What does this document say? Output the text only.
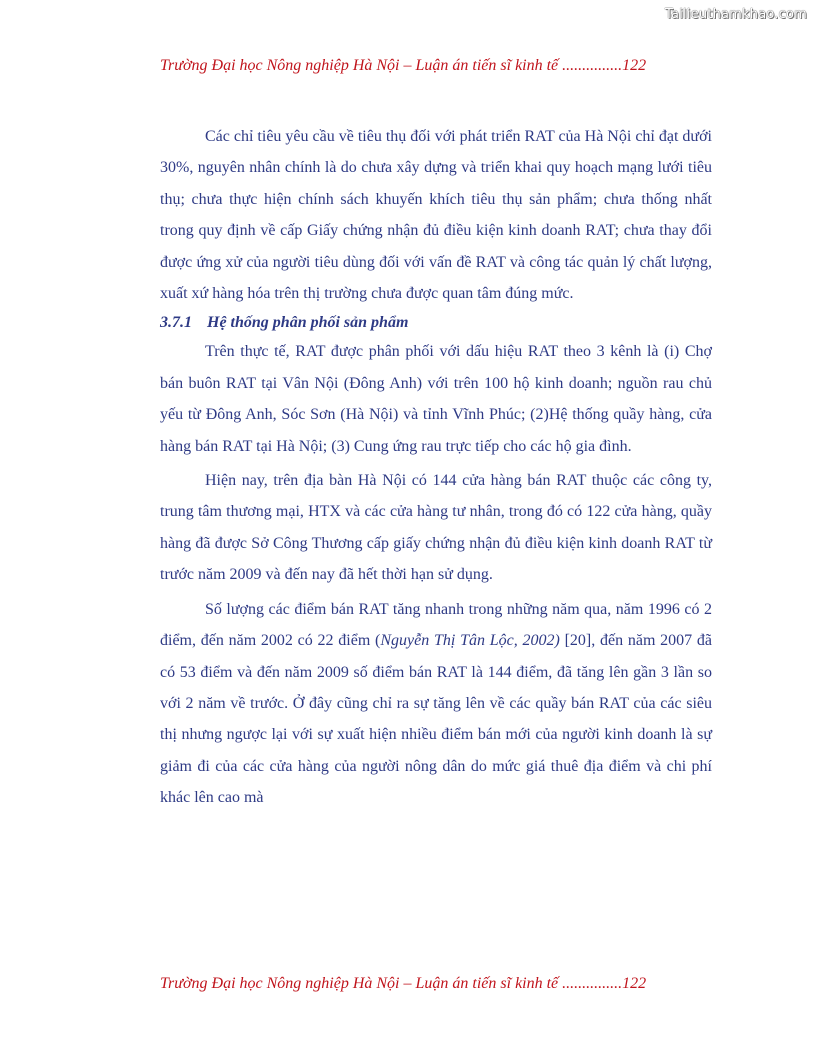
Tailieuthamkhao.com
Trường Đại học Nông nghiệp Hà Nội – Luận án tiến sĩ kinh tế ...............122

Các chỉ tiêu yêu cầu về tiêu thụ đối với phát triển RAT của Hà Nội chỉ đạt dưới 30%, nguyên nhân chính là do chưa xây dựng và triển khai quy hoạch mạng lưới tiêu thụ; chưa thực hiện chính sách khuyến khích tiêu thụ sản phẩm; chưa thống nhất trong quy định về cấp Giấy chứng nhận đủ điều kiện kinh doanh RAT; chưa thay đổi được ứng xử của người tiêu dùng đối với vấn đề RAT và công tác quản lý chất lượng, xuất xứ hàng hóa trên thị trường chưa được quan tâm đúng mức.

3.7.1 Hệ thống phân phối sản phẩm

Trên thực tế, RAT được phân phối với dấu hiệu RAT theo 3 kênh là (i) Chợ bán buôn RAT tại Vân Nội (Đông Anh) với trên 100 hộ kinh doanh; nguồn rau chủ yếu từ Đông Anh, Sóc Sơn (Hà Nội) và tỉnh Vĩnh Phúc; (2)Hệ thống quầy hàng, cửa hàng bán RAT tại Hà Nội; (3) Cung ứng rau trực tiếp cho các hộ gia đình.

Hiện nay, trên địa bàn Hà Nội có 144 cửa hàng bán RAT thuộc các công ty, trung tâm thương mại, HTX và các cửa hàng tư nhân, trong đó có 122 cửa hàng, quầy hàng đã được Sở Công Thương cấp giấy chứng nhận đủ điều kiện kinh doanh RAT từ trước năm 2009 và đến nay đã hết thời hạn sử dụng.

Số lượng các điểm bán RAT tăng nhanh trong những năm qua, năm 1996 có 2 điểm, đến năm 2002 có 22 điểm (Nguyễn Thị Tân Lộc, 2002) [20], đến năm 2007 đã có 53 điểm và đến năm 2009 số điểm bán RAT là 144 điểm, đã tăng lên gần 3 lần so với 2 năm về trước. Ở đây cũng chỉ ra sự tăng lên về các quầy bán RAT của các siêu thị nhưng ngược lại với sự xuất hiện nhiều điểm bán mới của người kinh doanh là sự giảm đi của các cửa hàng của người nông dân do mức giá thuê địa điểm và chi phí khác lên cao mà

Trường Đại học Nông nghiệp Hà Nội – Luận án tiến sĩ kinh tế ...............122
